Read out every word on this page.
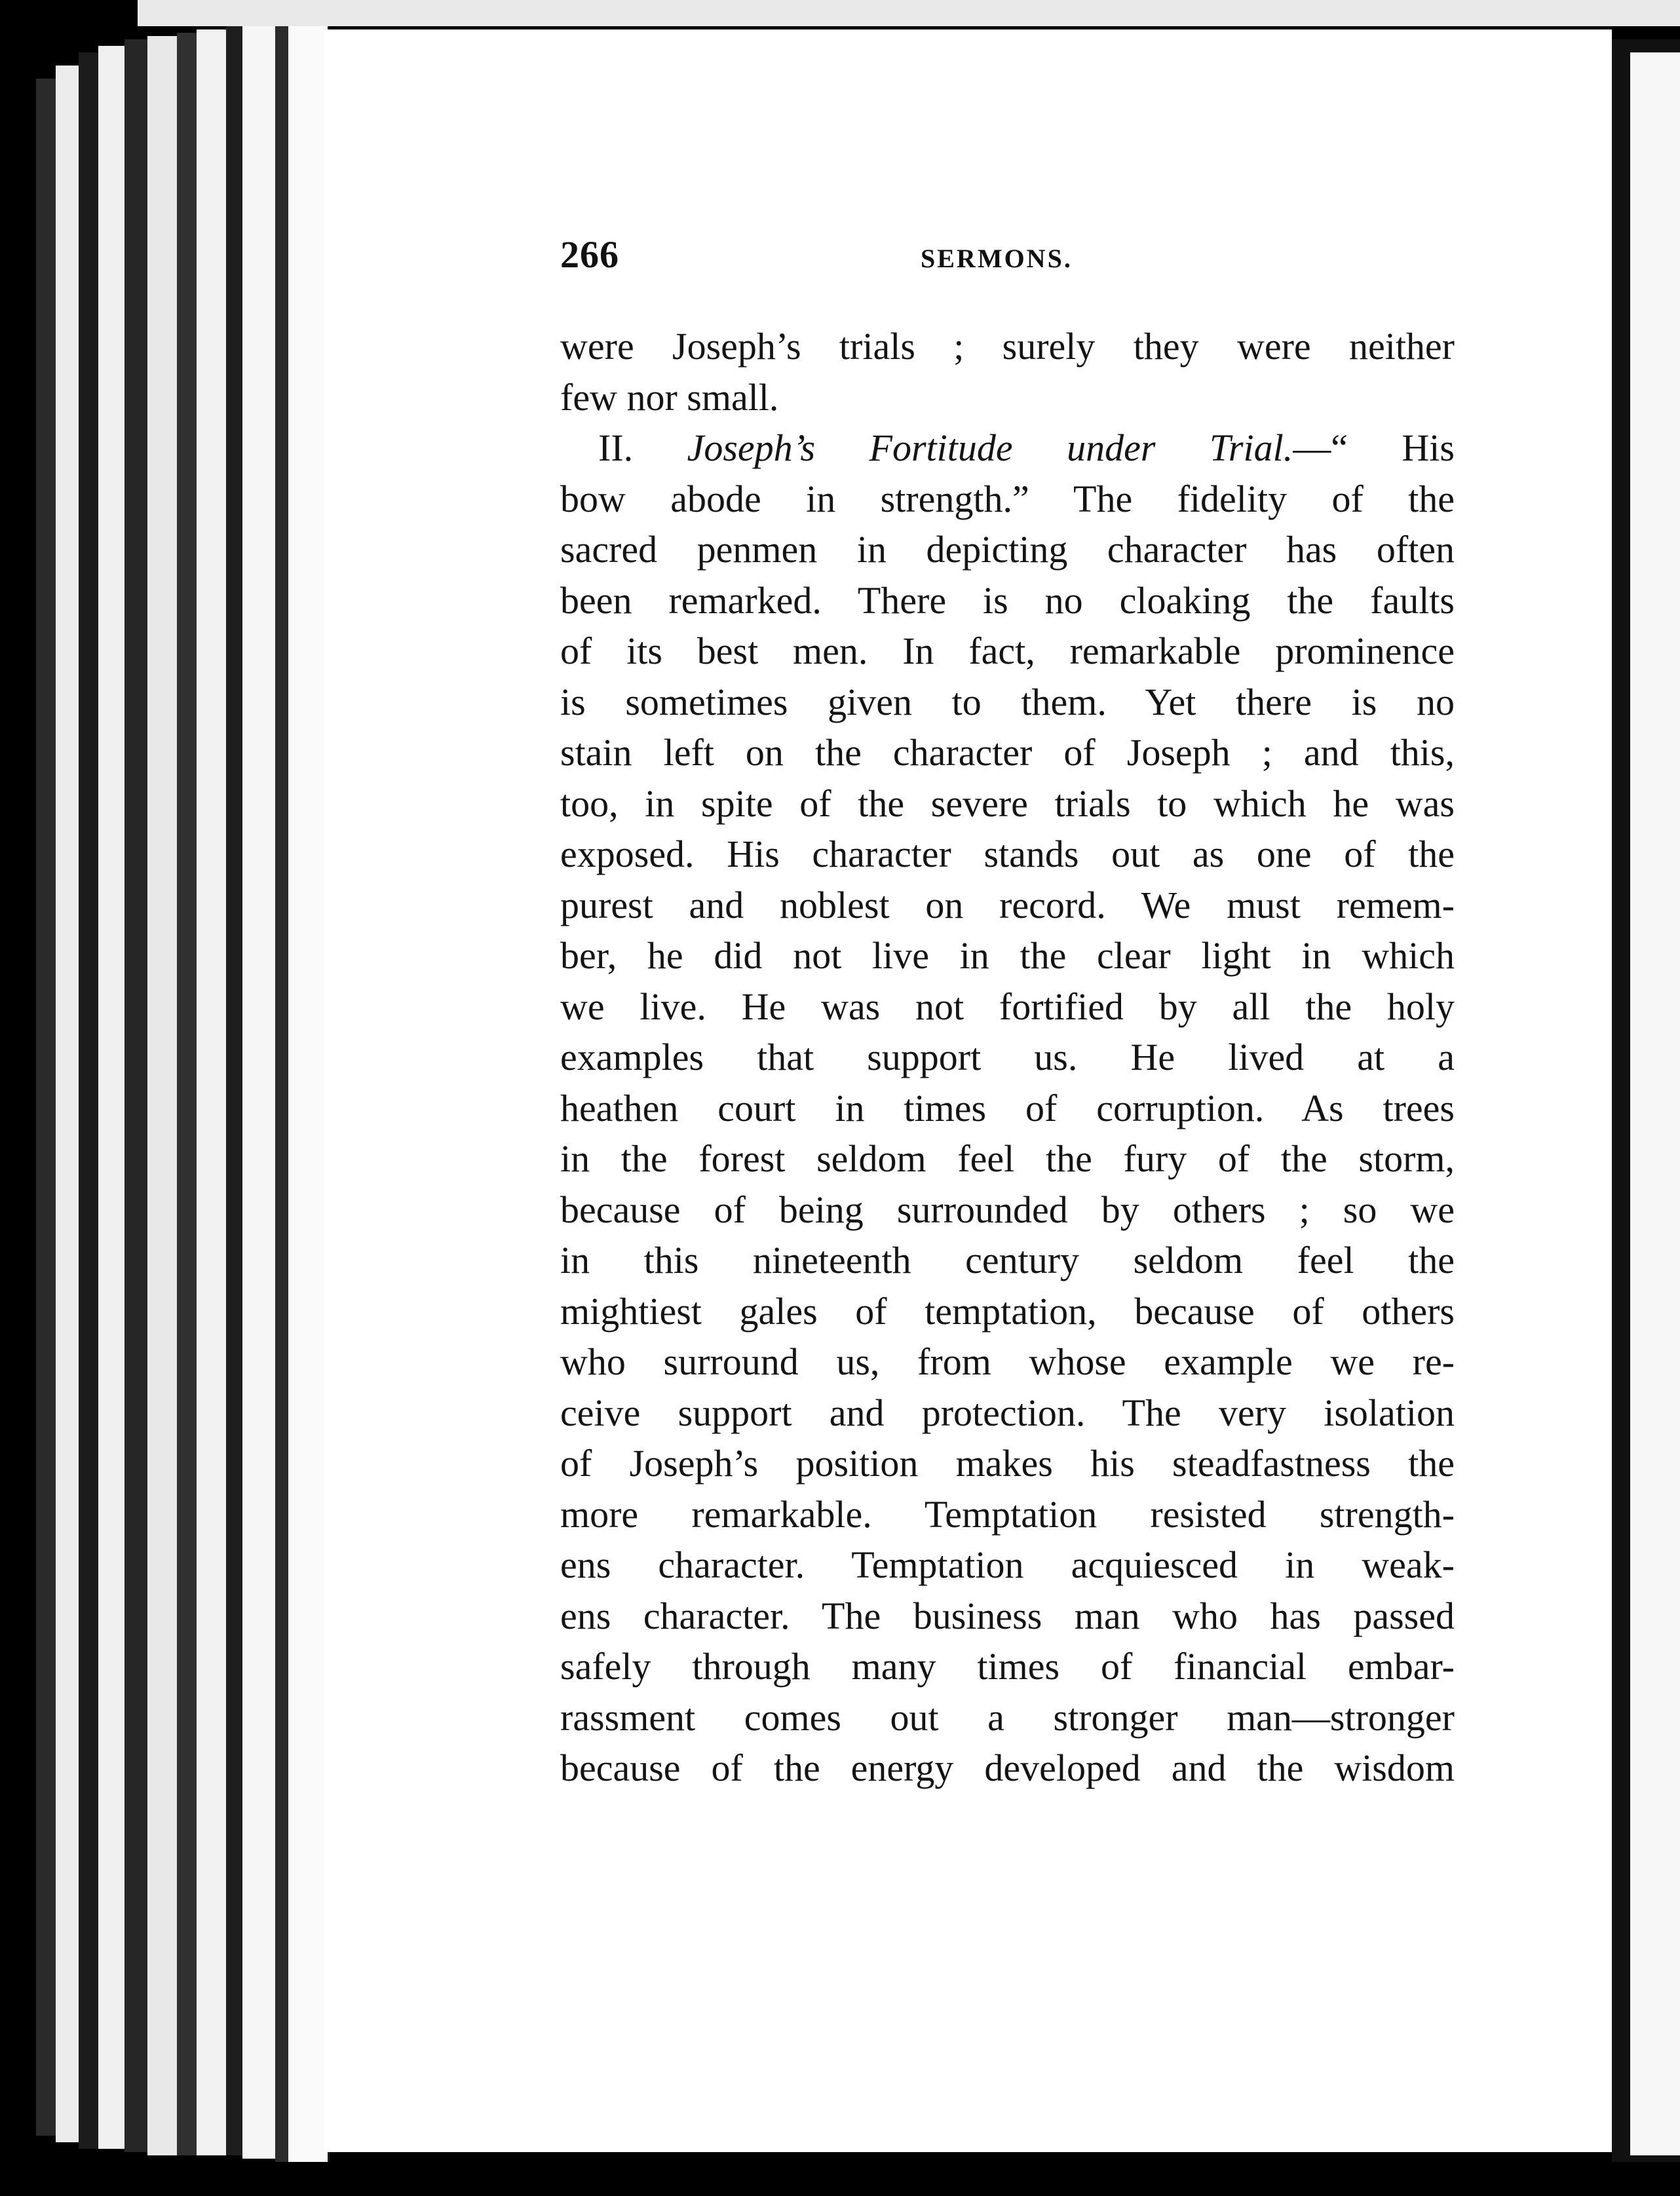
266	SERMONS.
were Joseph’s trials ; surely they were neither
few nor small.
II. Joseph’s Fortitude under Trial.—“ His
bow abode in strength.” The fidelity of the
sacred penmen in depicting character has often
been remarked. There is no cloaking the faults
of its best men. In fact, remarkable prominence
is sometimes given to them. Yet there is no
stain left on the character of Joseph ; and this,
too, in spite of the severe trials to which he was
exposed. His character stands out as one of the
purest and noblest on record. We must remem-
ber, he did not live in the clear light in which
we live. He was not fortified by all the holy
examples that support us. He lived at a
heathen court in times of corruption. As trees
in the forest seldom feel the fury of the storm,
because of being surrounded by others ; so we
in this nineteenth century seldom feel the
mightiest gales of temptation, because of others
who surround us, from whose example we re-
ceive support and protection. The very isolation
of Joseph’s position makes his steadfastness the
more remarkable. Temptation resisted strength-
ens character. Temptation acquiesced in weak-
ens character. The business man who has passed
safely through many times of financial embar-
rassment comes out a stronger man—stronger
because of the energy developed and the wisdom
